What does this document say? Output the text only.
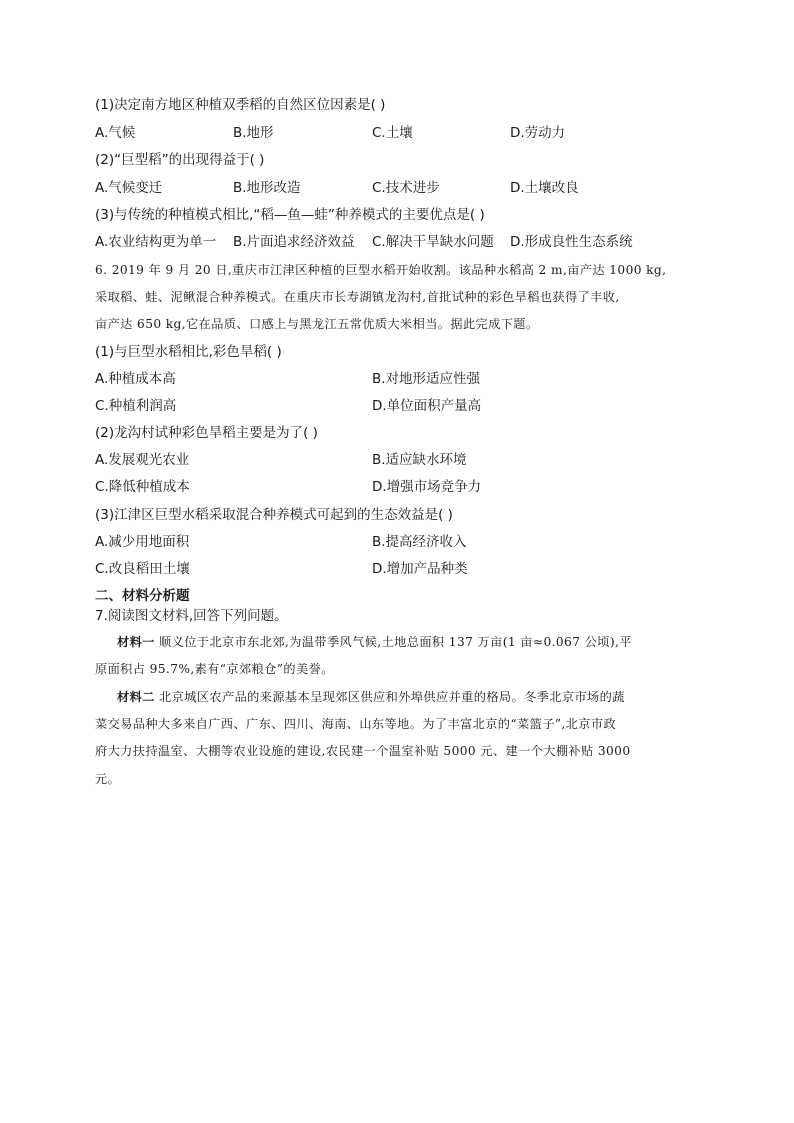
(1)决定南方地区种植双季稻的自然区位因素是( )
A.气候	B.地形	C.土壤	D.劳动力
(2)“巨型稻”的出现得益于( )
A.气候变迁	B.地形改造	C.技术进步	D.土壤改良
(3)与传统的种植模式相比,“稻—鱼—蛙”种养模式的主要优点是( )
A.农业结构更为单一 B.片面追求经济效益 C.解决干旱缺水问题 D.形成良性生态系统
6. 2019 年 9 月 20 日,重庆市江津区种植的巨型水稻开始收割。该品种水稻高 2 m,亩产达 1000 kg,
采取稻、蛙、泥鳅混合种养模式。在重庆市长寿湖镇龙沟村,首批试种的彩色旱稻也获得了丰收,
亩产达 650 kg,它在品质、口感上与黑龙江五常优质大米相当。据此完成下题。
(1)与巨型水稻相比,彩色旱稻( )
A.种植成本高	B.对地形适应性强
C.种植利润高	D.单位面积产量高
(2)龙沟村试种彩色旱稻主要是为了( )
A.发展观光农业	B.适应缺水环境
C.降低种植成本	D.增强市场竞争力
(3)江津区巨型水稻采取混合种养模式可起到的生态效益是( )
A.减少用地面积	B.提高经济收入
C.改良稻田土壤	D.增加产品种类
二、材料分析题
7.阅读图文材料,回答下列问题。
材料一 顺义位于北京市东北郊,为温带季风气候,土地总面积 137 万亩(1 亩≈0.067 公顷),平
原面积占 95.7%,素有“京郊粮仓”的美誉。
材料二 北京城区农产品的来源基本呈现郊区供应和外埠供应并重的格局。冬季北京市场的蔬
菜交易品种大多来自广西、广东、四川、海南、山东等地。为了丰富北京的“菜篮子”,北京市政
府大力扶持温室、大棚等农业设施的建设,农民建一个温室补贴 5000 元、建一个大棚补贴 3000
元。
